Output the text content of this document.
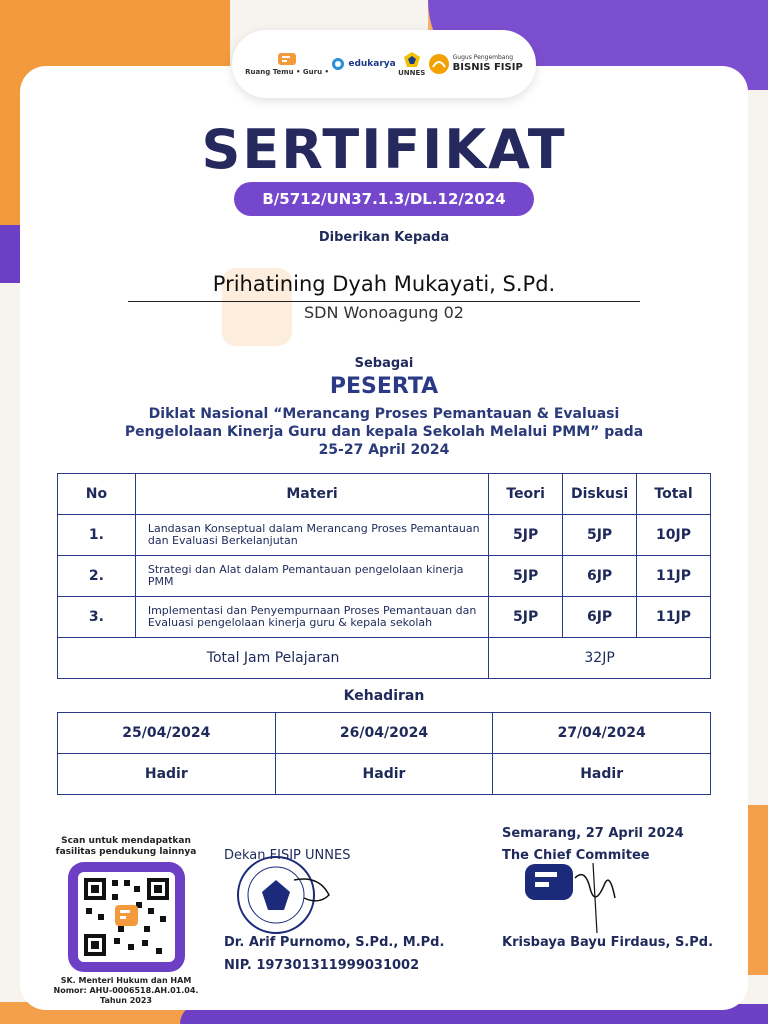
Ruang Temu • Guru •
edukarya
UNNES
Gugus Pengembang
BISNIS FISIP
SERTIFIKAT
B/5712/UN37.1.3/DL.12/2024
Diberikan Kepada
Prihatining Dyah Mukayati, S.Pd.
SDN Wonoagung 02
Sebagai
PESERTA
Diklat Nasional “Merancang Proses Pemantauan & Evaluasi
Pengelolaan Kinerja Guru dan kepala Sekolah Melalui PMM” pada
25-27 April 2024
No	Materi	Teori	Diskusi	Total
1.	Landasan Konseptual dalam Merancang Proses Pemantauan dan Evaluasi Berkelanjutan	5JP	5JP	10JP
2.	Strategi dan Alat dalam Pemantauan pengelolaan kinerja PMM	5JP	6JP	11JP
3.	Implementasi dan Penyempurnaan Proses Pemantauan dan Evaluasi pengelolaan kinerja guru & kepala sekolah	5JP	6JP	11JP
Total Jam Pelajaran		32JP		
Kehadiran
25/04/2024	26/04/2024	27/04/2024
Hadir	Hadir	Hadir
Scan untuk mendapatkan fasilitas pendukung lainnya
SK. Menteri Hukum dan HAM Nomor: AHU-0006518.AH.01.04. Tahun 2023
Dekan FISIP UNNES
Dr. Arif Purnomo, S.Pd., M.Pd.
NIP. 197301311999031002
Semarang, 27 April 2024
The Chief Commitee
Krisbaya Bayu Firdaus, S.Pd.
